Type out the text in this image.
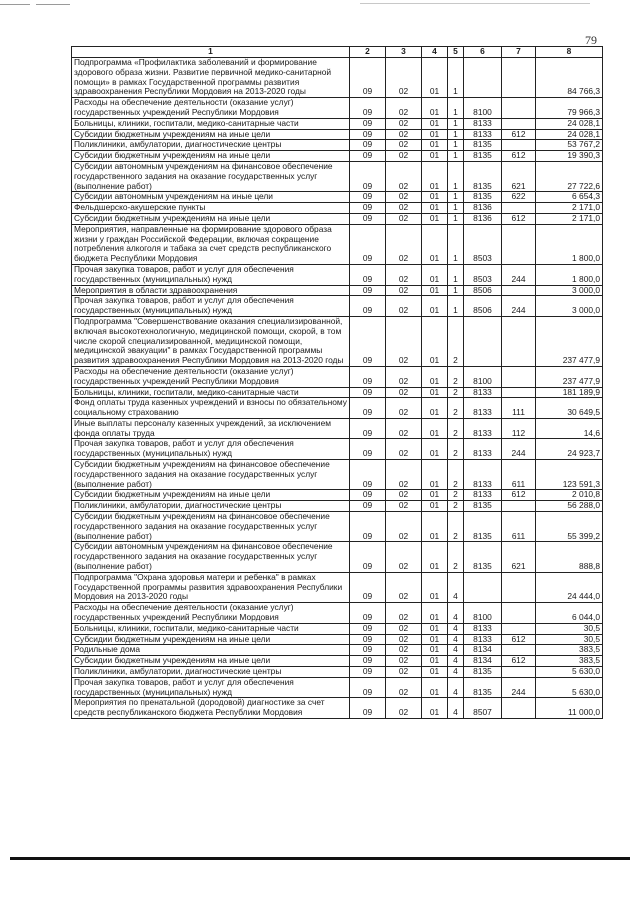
79
1	2	3	4	5	6	7	8
Подпрограмма «Профилактика заболеваний и формирование здорового образа жизни. Развитие первичной медико-санитарной помощи» в рамках Государственной программы развития здравоохранения Республики Мордовия на 2013-2020 годы	09	02	01	1			84 766,3
Расходы на обеспечение деятельности (оказание услуг) государственных учреждений Республики Мордовия	09	02	01	1	8100		79 966,3
Больницы, клиники, госпитали, медико-санитарные части	09	02	01	1	8133		24 028,1
Субсидии бюджетным учреждениям на иные цели	09	02	01	1	8133	612	24 028,1
Поликлиники, амбулатории, диагностические центры	09	02	01	1	8135		53 767,2
Субсидии бюджетным учреждениям на иные цели	09	02	01	1	8135	612	19 390,3
Субсидии автономным учреждениям на финансовое обеспечение государственного задания на оказание государственных услуг (выполнение работ)	09	02	01	1	8135	621	27 722,6
Субсидии автономным учреждениям на иные цели	09	02	01	1	8135	622	6 654,3
Фельдшерско-акушерские пункты	09	02	01	1	8136		2 171,0
Субсидии бюджетным учреждениям на иные цели	09	02	01	1	8136	612	2 171,0
Мероприятия, направленные на формирование здорового образа жизни у граждан Российской Федерации, включая сокращение потребления алкоголя и табака за счет средств республиканского бюджета Республики Мордовия	09	02	01	1	8503		1 800,0
Прочая закупка товаров, работ и услуг для обеспечения государственных (муниципальных) нужд	09	02	01	1	8503	244	1 800,0
Мероприятия в области здравоохранения	09	02	01	1	8506		3 000,0
Прочая закупка товаров, работ и услуг для обеспечения государственных (муниципальных) нужд	09	02	01	1	8506	244	3 000,0
Подпрограмма "Совершенствование оказания специализированной, включая высокотехнологичную, медицинской помощи, скорой, в том числе скорой специализированной, медицинской помощи, медицинской эвакуации" в рамках Государственной программы развития здравоохранения Республики Мордовия на 2013-2020 годы	09	02	01	2			237 477,9
Расходы на обеспечение деятельности (оказание услуг) государственных учреждений Республики Мордовия	09	02	01	2	8100		237 477,9
Больницы, клиники, госпитали, медико-санитарные части	09	02	01	2	8133		181 189,9
Фонд оплаты труда казенных учреждений и взносы по обязательному социальному страхованию	09	02	01	2	8133	111	30 649,5
Иные выплаты персоналу казенных учреждений, за исключением фонда оплаты труда	09	02	01	2	8133	112	14,6
Прочая закупка товаров, работ и услуг для обеспечения государственных (муниципальных) нужд	09	02	01	2	8133	244	24 923,7
Субсидии бюджетным учреждениям на финансовое обеспечение государственного задания на оказание государственных услуг (выполнение работ)	09	02	01	2	8133	611	123 591,3
Субсидии бюджетным учреждениям на иные цели	09	02	01	2	8133	612	2 010,8
Поликлиники, амбулатории, диагностические центры	09	02	01	2	8135		56 288,0
Субсидии бюджетным учреждениям на финансовое обеспечение государственного задания на оказание государственных услуг (выполнение работ)	09	02	01	2	8135	611	55 399,2
Субсидии автономным учреждениям на финансовое обеспечение государственного задания на оказание государственных услуг (выполнение работ)	09	02	01	2	8135	621	888,8
Подпрограмма "Охрана здоровья матери и ребенка" в рамках Государственной программы развития здравоохранения Республики Мордовия на 2013-2020 годы	09	02	01	4			24 444,0
Расходы на обеспечение деятельности (оказание услуг) государственных учреждений Республики Мордовия	09	02	01	4	8100		6 044,0
Больницы, клиники, госпитали, медико-санитарные части	09	02	01	4	8133		30,5
Субсидии бюджетным учреждениям на иные цели	09	02	01	4	8133	612	30,5
Родильные дома	09	02	01	4	8134		383,5
Субсидии бюджетным учреждениям на иные цели	09	02	01	4	8134	612	383,5
Поликлиники, амбулатории, диагностические центры	09	02	01	4	8135		5 630,0
Прочая закупка товаров, работ и услуг для обеспечения государственных (муниципальных) нужд	09	02	01	4	8135	244	5 630,0
Мероприятия по пренатальной (дородовой) диагностике за счет средств республиканского бюджета Республики Мордовия	09	02	01	4	8507		11 000,0
